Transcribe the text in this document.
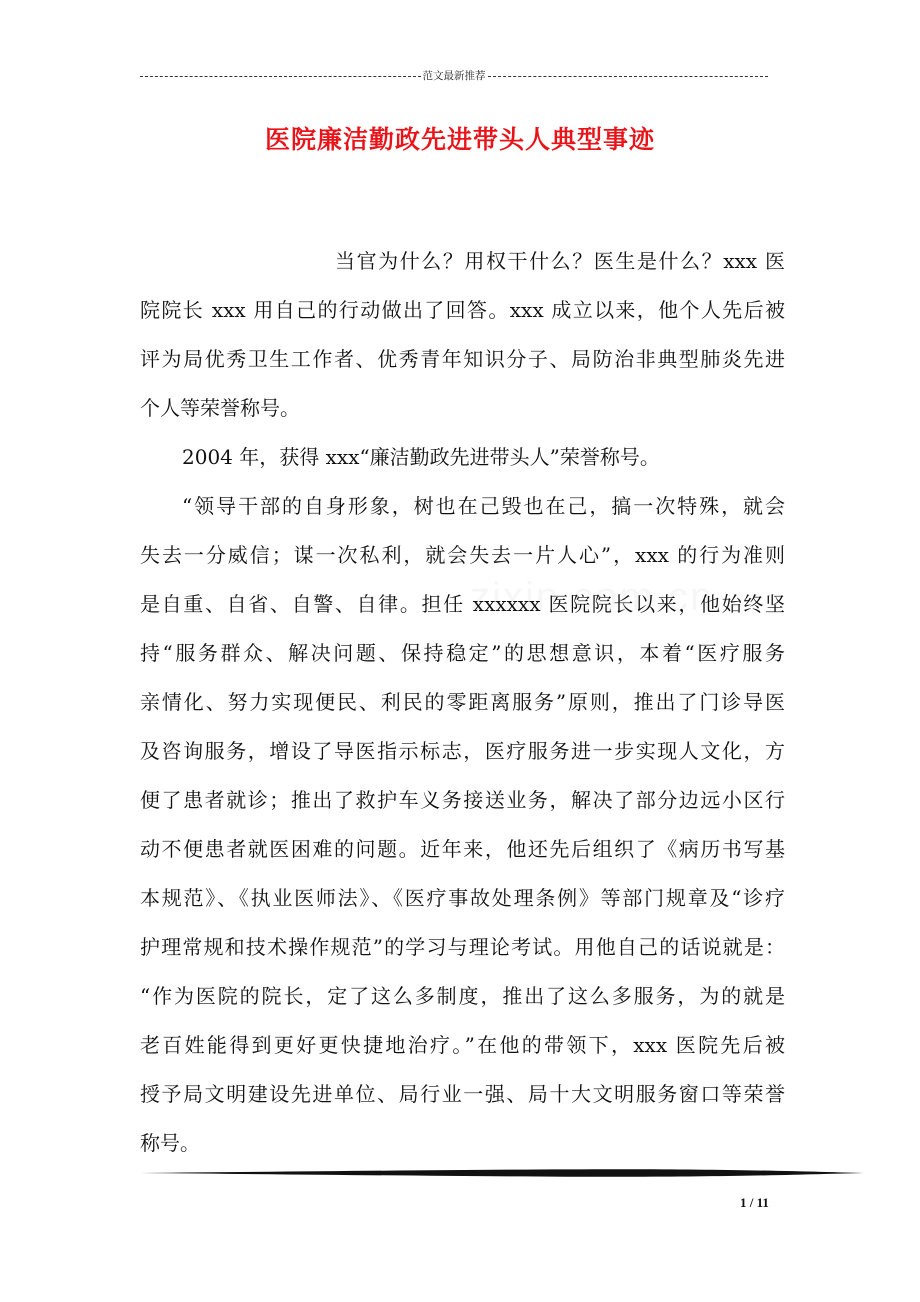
范文最新推荐
医院廉洁勤政先进带头人典型事迹

当官为什么？用权干什么？医生是什么？xxx 医
院院长 xxx 用自己的行动做出了回答。xxx 成立以来，他个人先后被
评为局优秀卫生工作者、优秀青年知识分子、局防治非典型肺炎先进
个人等荣誉称号。

2004 年，获得 xxx“廉洁勤政先进带头人”荣誉称号。

“领导干部的自身形象，树也在己毁也在己，搞一次特殊，就会
失去一分威信；谋一次私利，就会失去一片人心”，xxx 的行为准则
是自重、自省、自警、自律。担任 xxxxxx 医院院长以来，他始终坚
持“服务群众、解决问题、保持稳定”的思想意识，本着“医疗服务
亲情化、努力实现便民、利民的零距离服务”原则，推出了门诊导医
及咨询服务，增设了导医指示标志，医疗服务进一步实现人文化，方
便了患者就诊；推出了救护车义务接送业务，解决了部分边远小区行
动不便患者就医困难的问题。近年来，他还先后组织了《病历书写基
本规范》、《执业医师法》、《医疗事故处理条例》等部门规章及“诊疗
护理常规和技术操作规范”的学习与理论考试。用他自己的话说就是：
“作为医院的院长，定了这么多制度，推出了这么多服务，为的就是
老百姓能得到更好更快捷地治疗。”在他的带领下，xxx 医院先后被
授予局文明建设先进单位、局行业一强、局十大文明服务窗口等荣誉
称号。

1 / 11
